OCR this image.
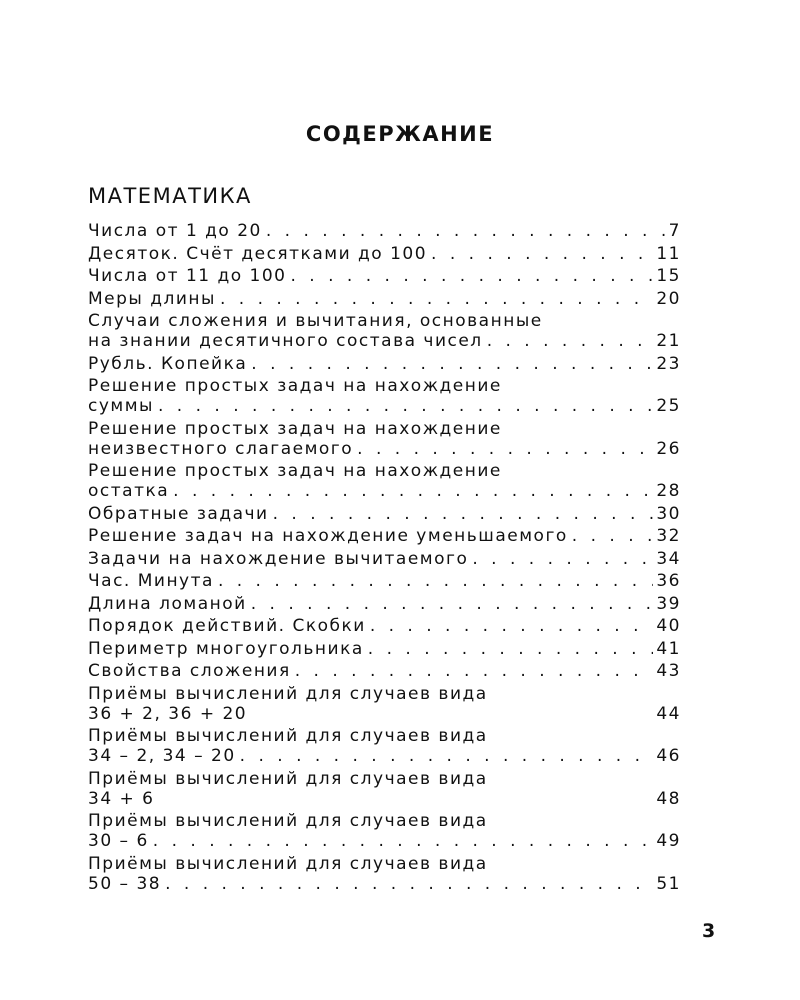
СОДЕРЖАНИЕ
МАТЕМАТИКА
Числа от 1 до 20 . . .	7
Десяток. Счёт десятками до 100 . . .	11
Числа от 11 до 100 . . .	15
Меры длины . . .	20
Случаи сложения и вычитания, основанные
на знании десятичного состава чисел . . .	21
Рубль. Копейка . . .	23
Решение простых задач на нахождение
суммы . . .	25
Решение простых задач на нахождение
неизвестного слагаемого . . .	26
Решение простых задач на нахождение
остатка . . .	28
Обратные задачи . . .	30
Решение задач на нахождение уменьшаемого . . .	32
Задачи на нахождение вычитаемого . . .	34
Час. Минута . . .	36
Длина ломаной . . .	39
Порядок действий. Скобки . . .	40
Периметр многоугольника . . .	41
Свойства сложения . . .	43
Приёмы вычислений для случаев вида
36 + 2, 36 + 20	44
Приёмы вычислений для случаев вида
34 – 2, 34 – 20 . . .	46
Приёмы вычислений для случаев вида
34 + 6	48
Приёмы вычислений для случаев вида
30 – 6 . . .	49
Приёмы вычислений для случаев вида
50 – 38 . . .	51
3
